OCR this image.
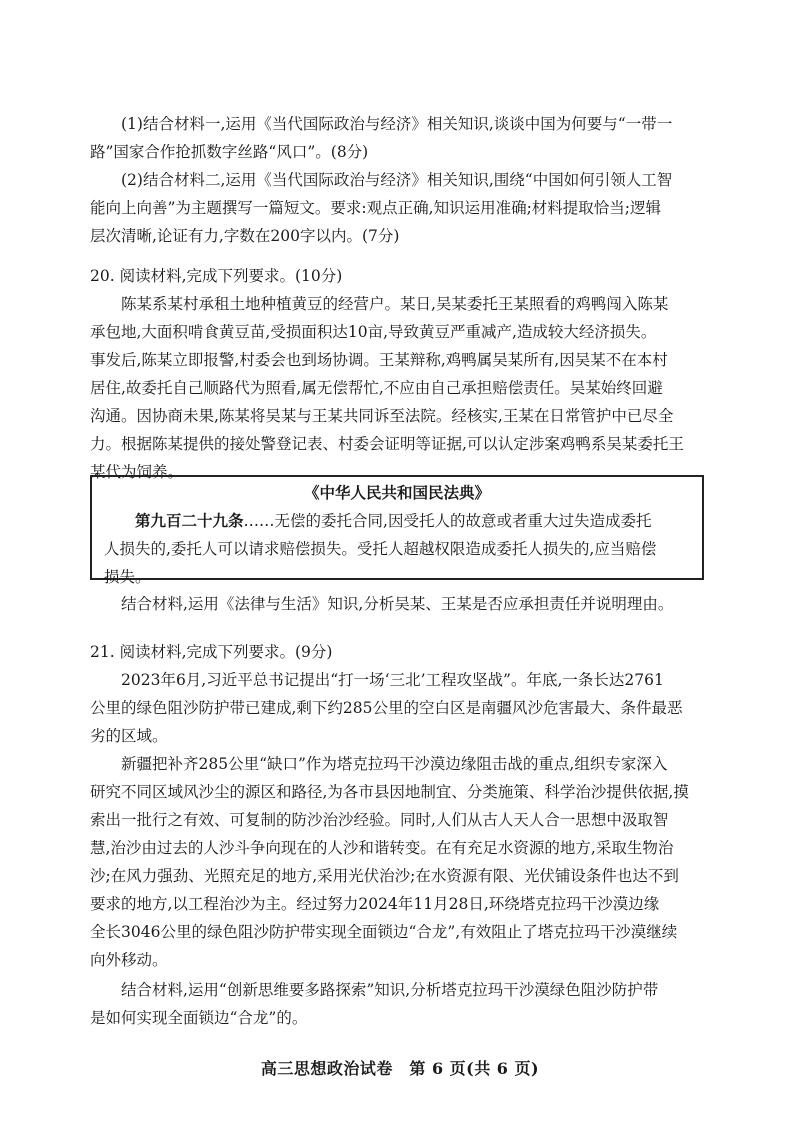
(1)结合材料一,运用《当代国际政治与经济》相关知识,谈谈中国为何要与“一带一
路”国家合作抢抓数字丝路“风口”。(8分)
(2)结合材料二,运用《当代国际政治与经济》相关知识,围绕“中国如何引领人工智
能向上向善”为主题撰写一篇短文。要求:观点正确,知识运用准确;材料提取恰当;逻辑
层次清晰,论证有力,字数在200字以内。(7分)
20. 阅读材料,完成下列要求。(10分)
陈某系某村承租土地种植黄豆的经营户。某日,吴某委托王某照看的鸡鸭闯入陈某
承包地,大面积啃食黄豆苗,受损面积达10亩,导致黄豆严重减产,造成较大经济损失。
事发后,陈某立即报警,村委会也到场协调。王某辩称,鸡鸭属吴某所有,因吴某不在本村
居住,故委托自己顺路代为照看,属无偿帮忙,不应由自己承担赔偿责任。吴某始终回避
沟通。因协商未果,陈某将吴某与王某共同诉至法院。经核实,王某在日常管护中已尽全
力。根据陈某提供的接处警登记表、村委会证明等证据,可以认定涉案鸡鸭系吴某委托王
某代为饲养。
《中华人民共和国民法典》
第九百二十九条……无偿的委托合同,因受托人的故意或者重大过失造成委托
人损失的,委托人可以请求赔偿损失。受托人超越权限造成委托人损失的,应当赔偿
损失。
结合材料,运用《法律与生活》知识,分析吴某、王某是否应承担责任并说明理由。
21. 阅读材料,完成下列要求。(9分)
2023年6月,习近平总书记提出“打一场‘三北’工程攻坚战”。年底,一条长达2761
公里的绿色阻沙防护带已建成,剩下约285公里的空白区是南疆风沙危害最大、条件最恶
劣的区域。
新疆把补齐285公里“缺口”作为塔克拉玛干沙漠边缘阻击战的重点,组织专家深入
研究不同区域风沙尘的源区和路径,为各市县因地制宜、分类施策、科学治沙提供依据,摸
索出一批行之有效、可复制的防沙治沙经验。同时,人们从古人天人合一思想中汲取智
慧,治沙由过去的人沙斗争向现在的人沙和谐转变。在有充足水资源的地方,采取生物治
沙;在风力强劲、光照充足的地方,采用光伏治沙;在水资源有限、光伏铺设条件也达不到
要求的地方,以工程治沙为主。经过努力2024年11月28日,环绕塔克拉玛干沙漠边缘
全长3046公里的绿色阻沙防护带实现全面锁边“合龙”,有效阻止了塔克拉玛干沙漠继续
向外移动。
结合材料,运用“创新思维要多路探索”知识,分析塔克拉玛干沙漠绿色阻沙防护带
是如何实现全面锁边“合龙”的。
高三思想政治试卷　第 6 页(共 6 页)
